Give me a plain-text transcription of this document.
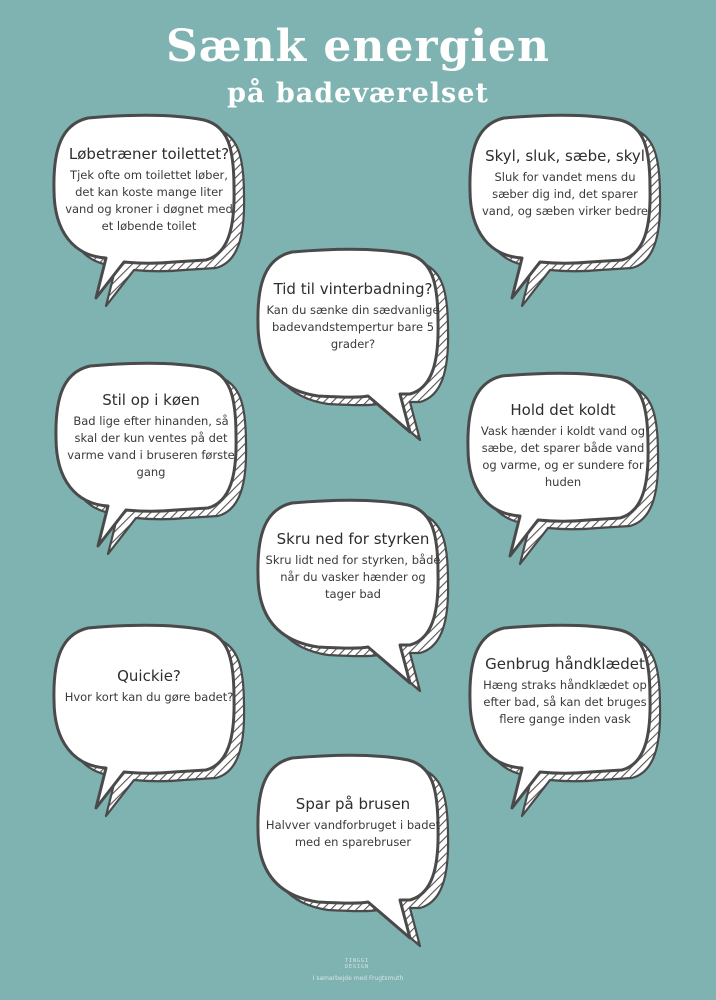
Sænk energien
på badeværelset
Løbetræner toilettet?
Tjek ofte om toilettet løber, det kan koste mange liter vand og kroner i døgnet med et løbende toilet
Skyl, sluk, sæbe, skyl
Sluk for vandet mens du sæber dig ind, det sparer vand, og sæben virker bedre
Tid til vinterbadning?
Kan du sænke din sædvanlige badevandstempertur bare 5 grader?
Stil op i køen
Bad lige efter hinanden, så skal der kun ventes på det varme vand i bruseren første gang
Hold det koldt
Vask hænder i koldt vand og sæbe, det sparer både vand og varme, og er sundere for huden
Skru ned for styrken
Skru lidt ned for styrken, både når du vasker hænder og tager bad
Quickie?
Hvor kort kan du gøre badet?
Genbrug håndklædet
Hæng straks håndklædet op efter bad, så kan det bruges flere gange inden vask
Spar på brusen
Halvver vandforbruget i badet med en sparebruser
TINGGI DESIGN
I samarbejde med Frugtsmuth
